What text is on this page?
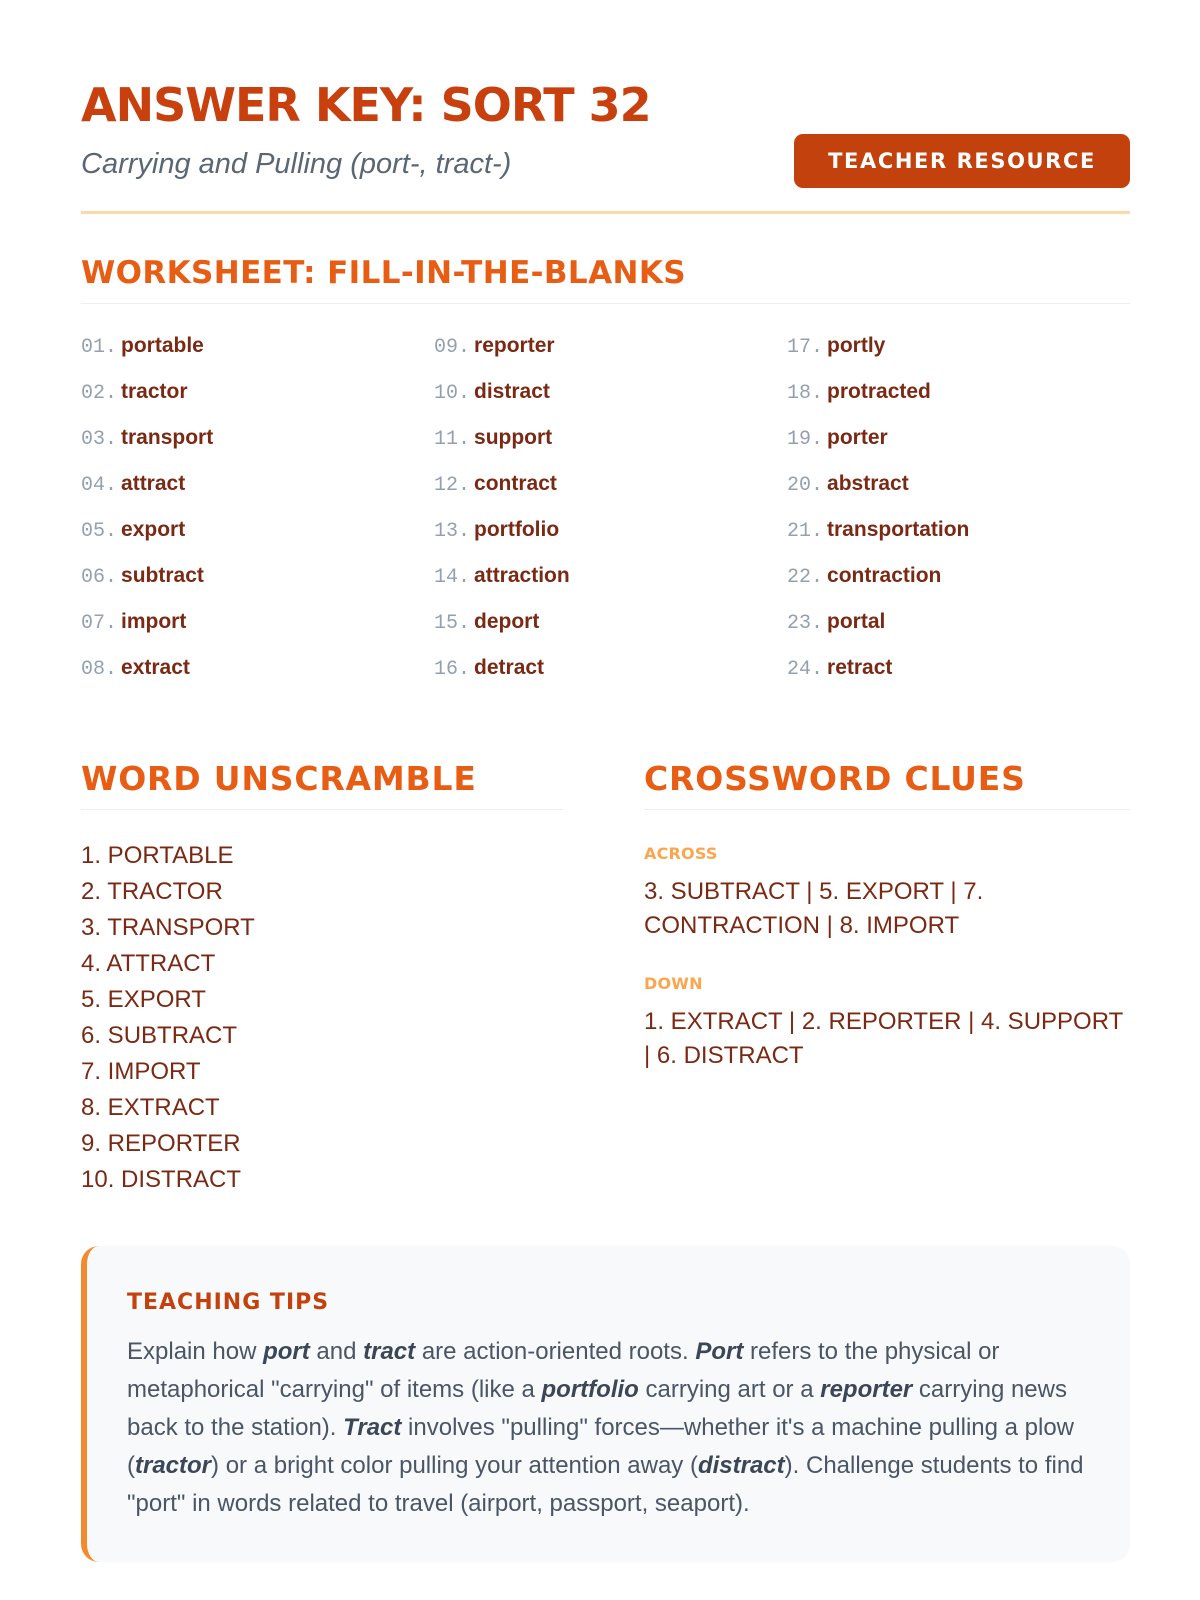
ANSWER KEY: SORT 32

Carrying and Pulling (port-, tract-)	TEACHER RESOURCE
WORKSHEET: FILL-IN-THE-BLANKS
01. portable
02. tractor
03. transport
04. attract
05. export
06. subtract
07. import
08. extract
09. reporter
10. distract
11. support
12. contract
13. portfolio
14. attraction
15. deport
16. detract
17. portly
18. protracted
19. porter
20. abstract
21. transportation
22. contraction
23. portal
24. retract
WORD UNSCRAMBLE
1. PORTABLE
2. TRACTOR
3. TRANSPORT
4. ATTRACT
5. EXPORT
6. SUBTRACT
7. IMPORT
8. EXTRACT
9. REPORTER
10. DISTRACT
CROSSWORD CLUES
ACROSS
3. SUBTRACT | 5. EXPORT | 7. CONTRACTION | 8. IMPORT
DOWN
1. EXTRACT | 2. REPORTER | 4. SUPPORT | 6. DISTRACT
TEACHING TIPS

Explain how port and tract are action-oriented roots. Port refers to the physical or metaphorical "carrying" of items (like a portfolio carrying art or a reporter carrying news back to the station). Tract involves "pulling" forces—whether it's a machine pulling a plow (tractor) or a bright color pulling your attention away (distract). Challenge students to find "port" in words related to travel (airport, passport, seaport).
